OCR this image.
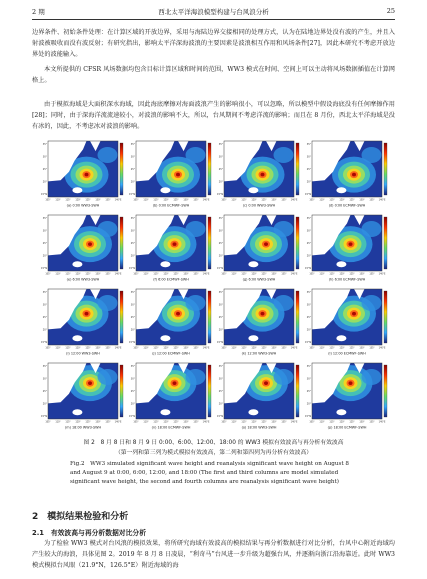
2 期	西北太平洋海浪模型构建与台风浪分析	25
边界条件、初始条件处理：在计算区域的开放边界，采用与海陆边界交接相同的处理方式，认为在陆地边界处没有波的产生，并且入射波被吸收而没有波反射；有研究指出，影响太平洋深海波浪的主要因素是波浪相互作用和风场条件[27]，因此本研究不考虑开放边界处的波能输入。
本文所提供的 CFSR 风场数据均包含目标计算区域和时间的范围，WW3 模式在时间、空间上可以主动将风场数据插值在计算网格上。
由于模拟海域是大面积深水海域，因此海底摩擦对海面波浪产生的影响很小，可以忽略，所以模型中假设海底没有任何摩擦作用[28]；同时，由于深海洋流流速较小，对波浪的影响不大，所以，台风期间不考虑洋流的影响；而且在 8 月份，西北太平洋海域是没有冰的，因此，不考虑冰对波浪的影响。
35°
30°
25°
20°
15°N
105° 110° 115° 120° 125° 130° 135° 140°E
(a) 0:00 WW3-SWH
35°
30°
25°
20°
15°N
105° 110° 115° 120° 125° 130° 135° 140°E
(b) 0:00 ECMWF-SWH
35°
30°
25°
20°
15°N
105° 110° 115° 120° 125° 130° 135° 140°E
(c) 0:00 WW3-SWH
35°
30°
25°
20°
15°N
105° 110° 115° 120° 125° 130° 135° 140°E
(d) 0:00 ECMWF-SWH
35°
30°
25°
20°
15°N
105° 110° 115° 120° 125° 130° 135° 140°E
(e) 6:00 WW3-SWH
35°
30°
25°
20°
15°N
105° 110° 115° 120° 125° 130° 135° 140°E
(f) 6:00 ECMWF-SWH
35°
30°
25°
20°
15°N
105° 110° 115° 120° 125° 130° 135° 140°E
(g) 6:00 WW3-SWH
35°
30°
25°
20°
15°N
105° 110° 115° 120° 125° 130° 135° 140°E
(h) 6:00 ECMWF-SWH
35°
30°
25°
20°
15°N
105° 110° 115° 120° 125° 130° 135° 140°E
(i) 12:00 WW3-SWH
35°
30°
25°
20°
15°N
105° 110° 115° 120° 125° 130° 135° 140°E
(j) 12:00 ECMWF-SWH
35°
30°
25°
20°
15°N
105° 110° 115° 120° 125° 130° 135° 140°E
(k) 12:00 WW3-SWH
35°
30°
25°
20°
15°N
105° 110° 115° 120° 125° 130° 135° 140°E
(l) 12:00 ECMWF-SWH
35°
30°
25°
20°
15°N
105° 110° 115° 120° 125° 130° 135° 140°E
(m) 18:00 WW3-SWH
35°
30°
25°
20°
15°N
105° 110° 115° 120° 125° 130° 135° 140°E
(n) 18:00 ECMWF-SWH
35°
30°
25°
20°
15°N
105° 110° 115° 120° 125° 130° 135° 140°E
(o) 18:00 WW3-SWH
35°
30°
25°
20°
15°N
105° 110° 115° 120° 125° 130° 135° 140°E
(p) 18:00 ECMWF-SWH
图 2　8 月 8 日和 8 月 9 日 0:00、6:00、12:00、18:00 的 WW3 模拟有效波高与再分析有效波高
（第一列和第三列为模式模拟有效波高，第二列和第四列为再分析有效波高）
Fig.2　WW3 simulated significant wave height and reanalysis significant wave height on August 8 and August 9 at 0:00, 6:00, 12:00, and 18:00 (The first and third columns are model simulated significant wave height, the second and fourth columns are reanalysis significant wave height)
2　模拟结果检验和分析
2.1　有效波高与再分析数据对比分析
为了检验 WW3 模式对台风浪的模拟效果，将所研究海域有效波高的模拟结果与再分析数据进行对比分析，台风中心附近海域均产生较大的海浪，具体见图 2。2019 年 8 月 8 日凌晨，“利奇马”台风进一步升级为超强台风，并逐渐向浙江沿海靠近。此时 WW3 模式模拟台风眼（21.9°N，126.5°E）附近海域的海
